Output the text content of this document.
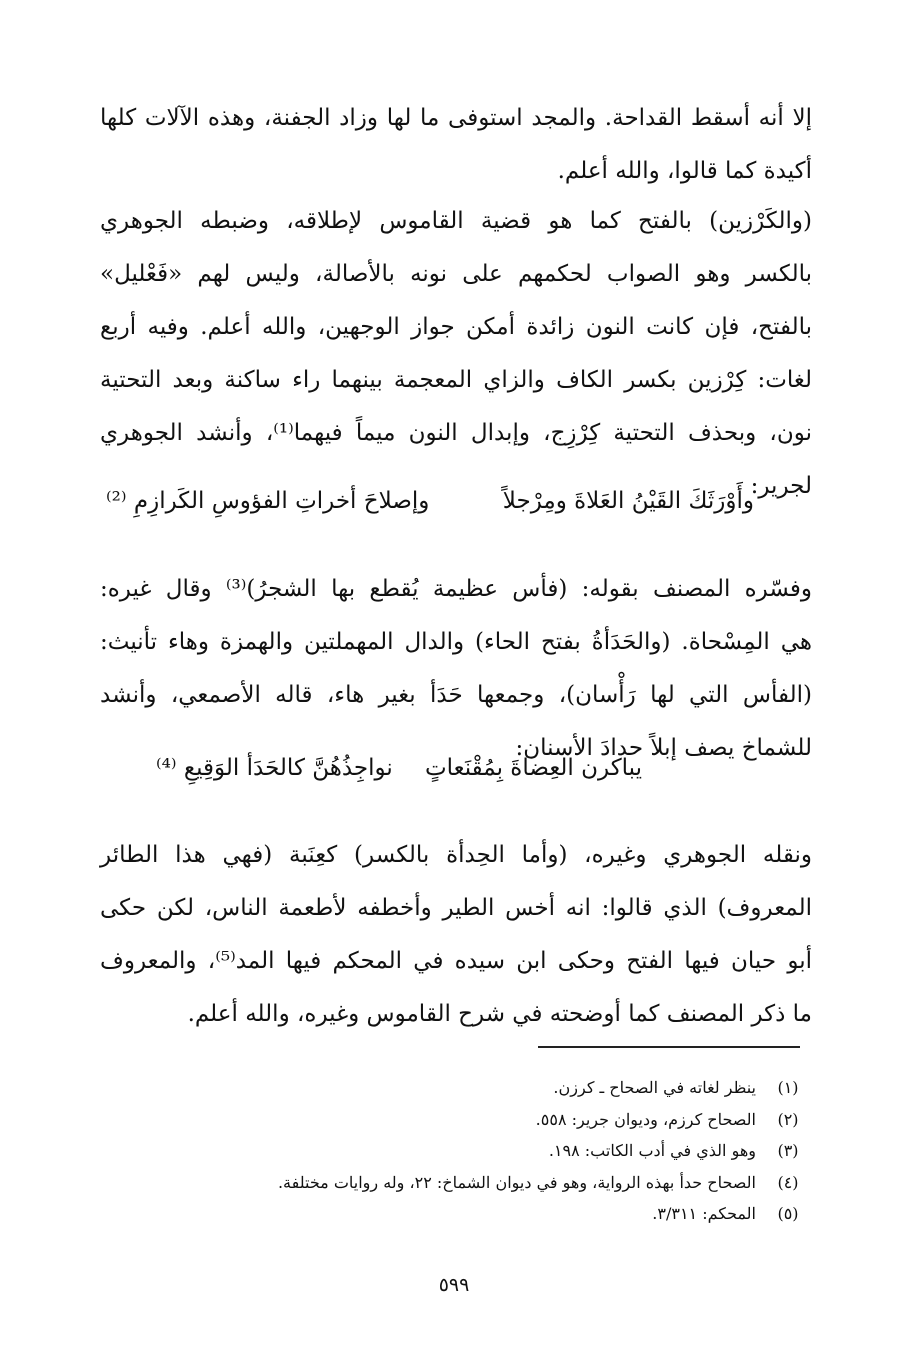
إلا أنه أسقط القداحة. والمجد استوفى ما لها وزاد الجفنة، وهذه الآلات كلها
أكيدة كما قالوا، والله أعلم.

(والكَرْزين) بالفتح كما هو قضية القاموس لإطلاقه، وضبطه الجوهري
بالكسر وهو الصواب لحكمهم على نونه بالأصالة، وليس لهم «فَعْليل»
بالفتح، فإن كانت النون زائدة أمكن جواز الوجهين، والله أعلم. وفيه أربع
لغات: كِرْزين بكسر الكاف والزاي المعجمة بينهما راء ساكنة وبعد التحتية
نون، وبحذف التحتية كِرْزِج، وإبدال النون ميماً فيهما⁽¹⁾، وأنشد الجوهري
لجرير:

وأَوْرَثَكَ القَيْنُ العَلاةَ ومِرْجلاً
وإصلاحَ أخراتِ الفؤوسِ الكَرازِمِ ⁽²⁾

وفسّره المصنف بقوله: (فأس عظيمة يُقطع بها الشجرُ)⁽³⁾ وقال غيره:
هي المِسْحاة. (والحَدَأةُ بفتح الحاء) والدال المهملتين والهمزة وهاء تأنيث:
(الفأس التي لها رَأْسان)، وجمعها حَدَأ بغير هاء، قاله الأصمعي، وأنشد
للشماخ يصف إبلاً حدادَ الأسنان:

يباكرن العِضاةَ بِمُقْنَعاتٍ
نواجِذُهُنَّ كالحَدَأ الوَقِيعِ ⁽⁴⁾

ونقله الجوهري وغيره، (وأما الحِدأة بالكسر) كعِنَبة (فهي هذا الطائر
المعروف) الذي قالوا: انه أخس الطير وأخطفه لأطعمة الناس، لكن حكى
أبو حيان فيها الفتح وحكى ابن سيده في المحكم فيها المد⁽⁵⁾، والمعروف
ما ذكر المصنف كما أوضحته في شرح القاموس وغيره، والله أعلم.

(١)ينظر لغاته في الصحاح ـ كرزن.
(٢)الصحاح كرزم، وديوان جرير: ٥٥٨.
(٣)وهو الذي في أدب الكاتب: ١٩٨.
(٤)الصحاح حدأ بهذه الرواية، وهو في ديوان الشماخ: ٢٢، وله روايات مختلفة.
(٥)المحكم: ٣/٣١١.
٥٩٩
